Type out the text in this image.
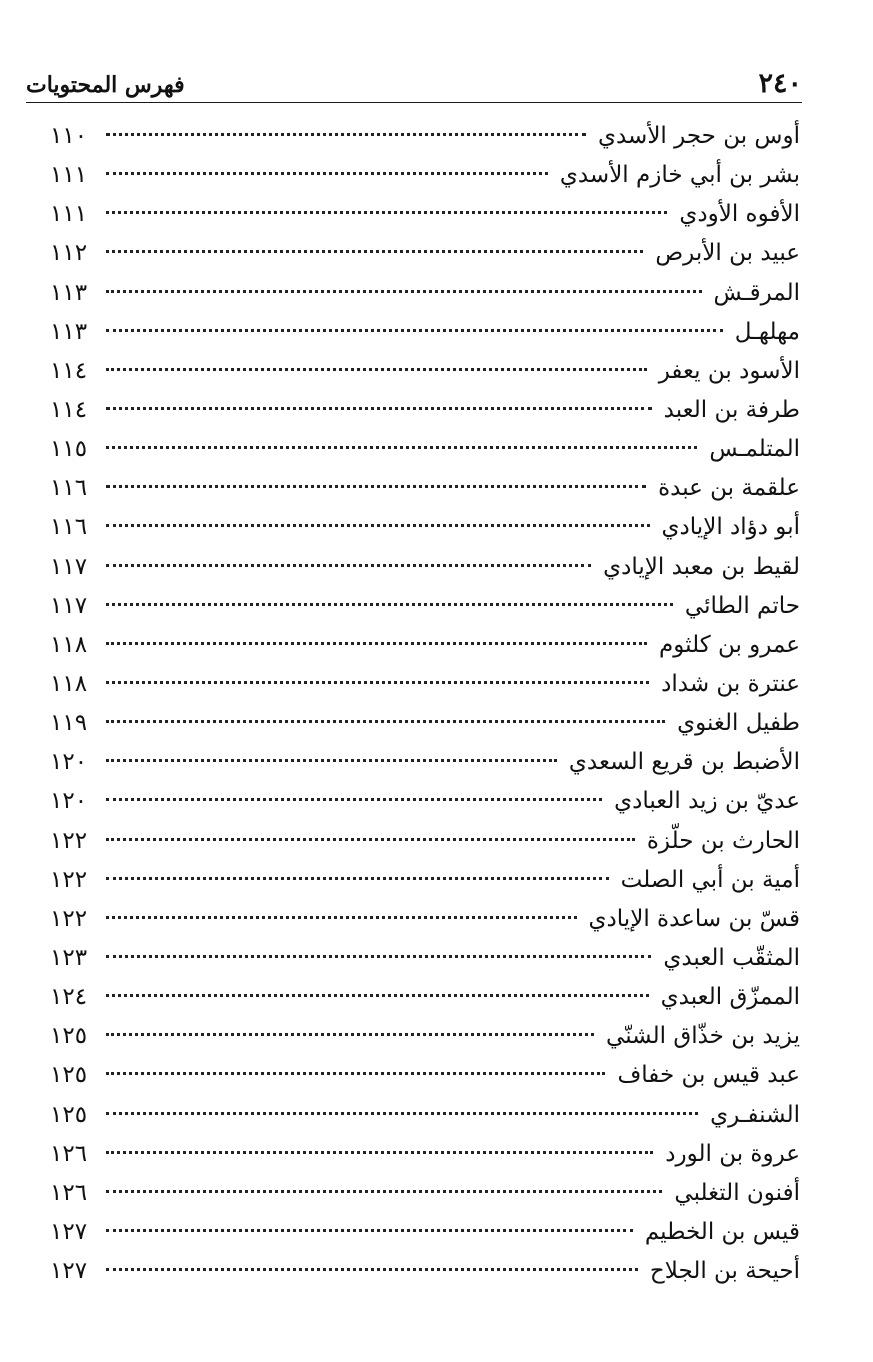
٢٤٠
فهرس المحتويات
أوس بن حجر الأسدي
١١٠
بشر بن أبي خازم الأسدي
١١١
الأفوه الأودي
١١١
عبيد بن الأبرص
١١٢
المرقـش
١١٣
مهلهـل
١١٣
الأسود بن يعفر
١١٤
طرفة بن العبد
١١٤
المتلمـس
١١٥
علقمة بن عبدة
١١٦
أبو دؤاد الإيادي
١١٦
لقيط بن معبد الإيادي
١١٧
حاتم الطائي
١١٧
عمرو بن كلثوم
١١٨
عنترة بن شداد
١١٨
طفيل الغنوي
١١٩
الأضبط بن قريع السعدي
١٢٠
عديّ بن زيد العبادي
١٢٠
الحارث بن حلّزة
١٢٢
أمية بن أبي الصلت
١٢٢
قسّ بن ساعدة الإيادي
١٢٢
المثقّب العبدي
١٢٣
الممزّق العبدي
١٢٤
يزيد بن خذّاق الشنّي
١٢٥
عبد قيس بن خفاف
١٢٥
الشنفـري
١٢٥
عروة بن الورد
١٢٦
أفنون التغلبي
١٢٦
قيس بن الخطيم
١٢٧
أحيحة بن الجلاح
١٢٧
